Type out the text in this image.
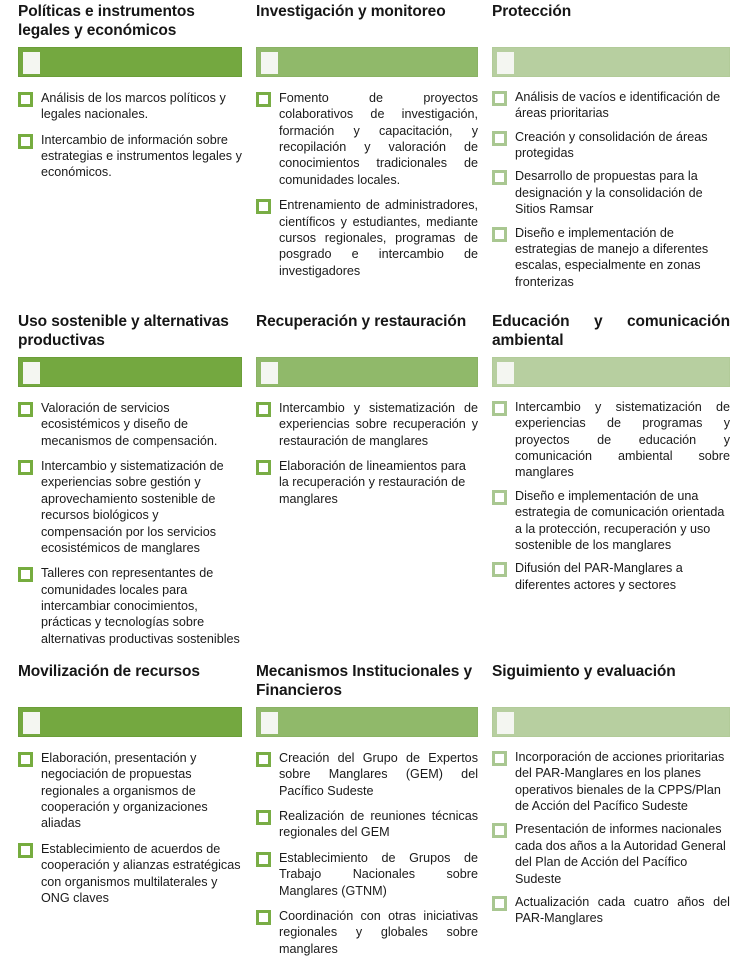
Políticas e instrumentos legales y económicos
Análisis de los marcos políticos y legales nacionales.
Intercambio de información sobre estrategias e instrumentos legales y económicos.
Investigación y monitoreo
Fomento de proyectos colaborativos de investigación, formación y capacitación, y recopilación y valoración de conocimientos tradicionales de comunidades locales.
Entrenamiento de administradores, científicos y estudiantes, mediante cursos regionales, programas de posgrado e intercambio de investigadores
Protección
Análisis de vacíos e identificación de áreas prioritarias
Creación y consolidación de áreas protegidas
Desarrollo de propuestas para la designación y la consolidación de Sitios Ramsar
Diseño e implementación de estrategias de manejo a diferentes escalas, especialmente en zonas fronterizas
Uso sostenible y alternativas productivas
Valoración de servicios ecosistémicos y diseño de mecanismos de compensación.
Intercambio y sistematización de experiencias sobre gestión y aprovechamiento sostenible de recursos biológicos y compensación por los servicios ecosistémicos de manglares
Talleres con representantes de comunidades locales para intercambiar conocimientos, prácticas y tecnologías sobre alternativas productivas sostenibles
Recuperación y restauración
Intercambio y sistematización de experiencias sobre recuperación y restauración de manglares
Elaboración de lineamientos para la recuperación y restauración de manglares
Educación y comunicación ambiental
Intercambio y sistematización de experiencias de programas y proyectos de educación y comunicación ambiental sobre manglares
Diseño e implementación de una estrategia de comunicación orientada a la protección, recuperación y uso sostenible de los manglares
Difusión del PAR-Manglares a diferentes actores y sectores
Movilización de recursos
Elaboración, presentación y negociación de propuestas regionales a organismos de cooperación y organizaciones aliadas
Establecimiento de acuerdos de cooperación y alianzas estratégicas con organismos multilaterales y ONG claves
Mecanismos Institucionales y Financieros
Creación del Grupo de Expertos sobre Manglares (GEM) del Pacífico Sudeste
Realización de reuniones técnicas regionales del GEM
Establecimiento de Grupos de Trabajo Nacionales sobre Manglares (GTNM)
Coordinación con otras iniciativas regionales y globales sobre manglares
Siguimiento y evaluación
Incorporación de acciones prioritarias del PAR-Manglares en los planes operativos bienales de la CPPS/Plan de Acción del Pacífico Sudeste
Presentación de informes nacionales cada dos años a la Autoridad General del Plan de Acción del Pacífico Sudeste
Actualización cada cuatro años del PAR-Manglares
